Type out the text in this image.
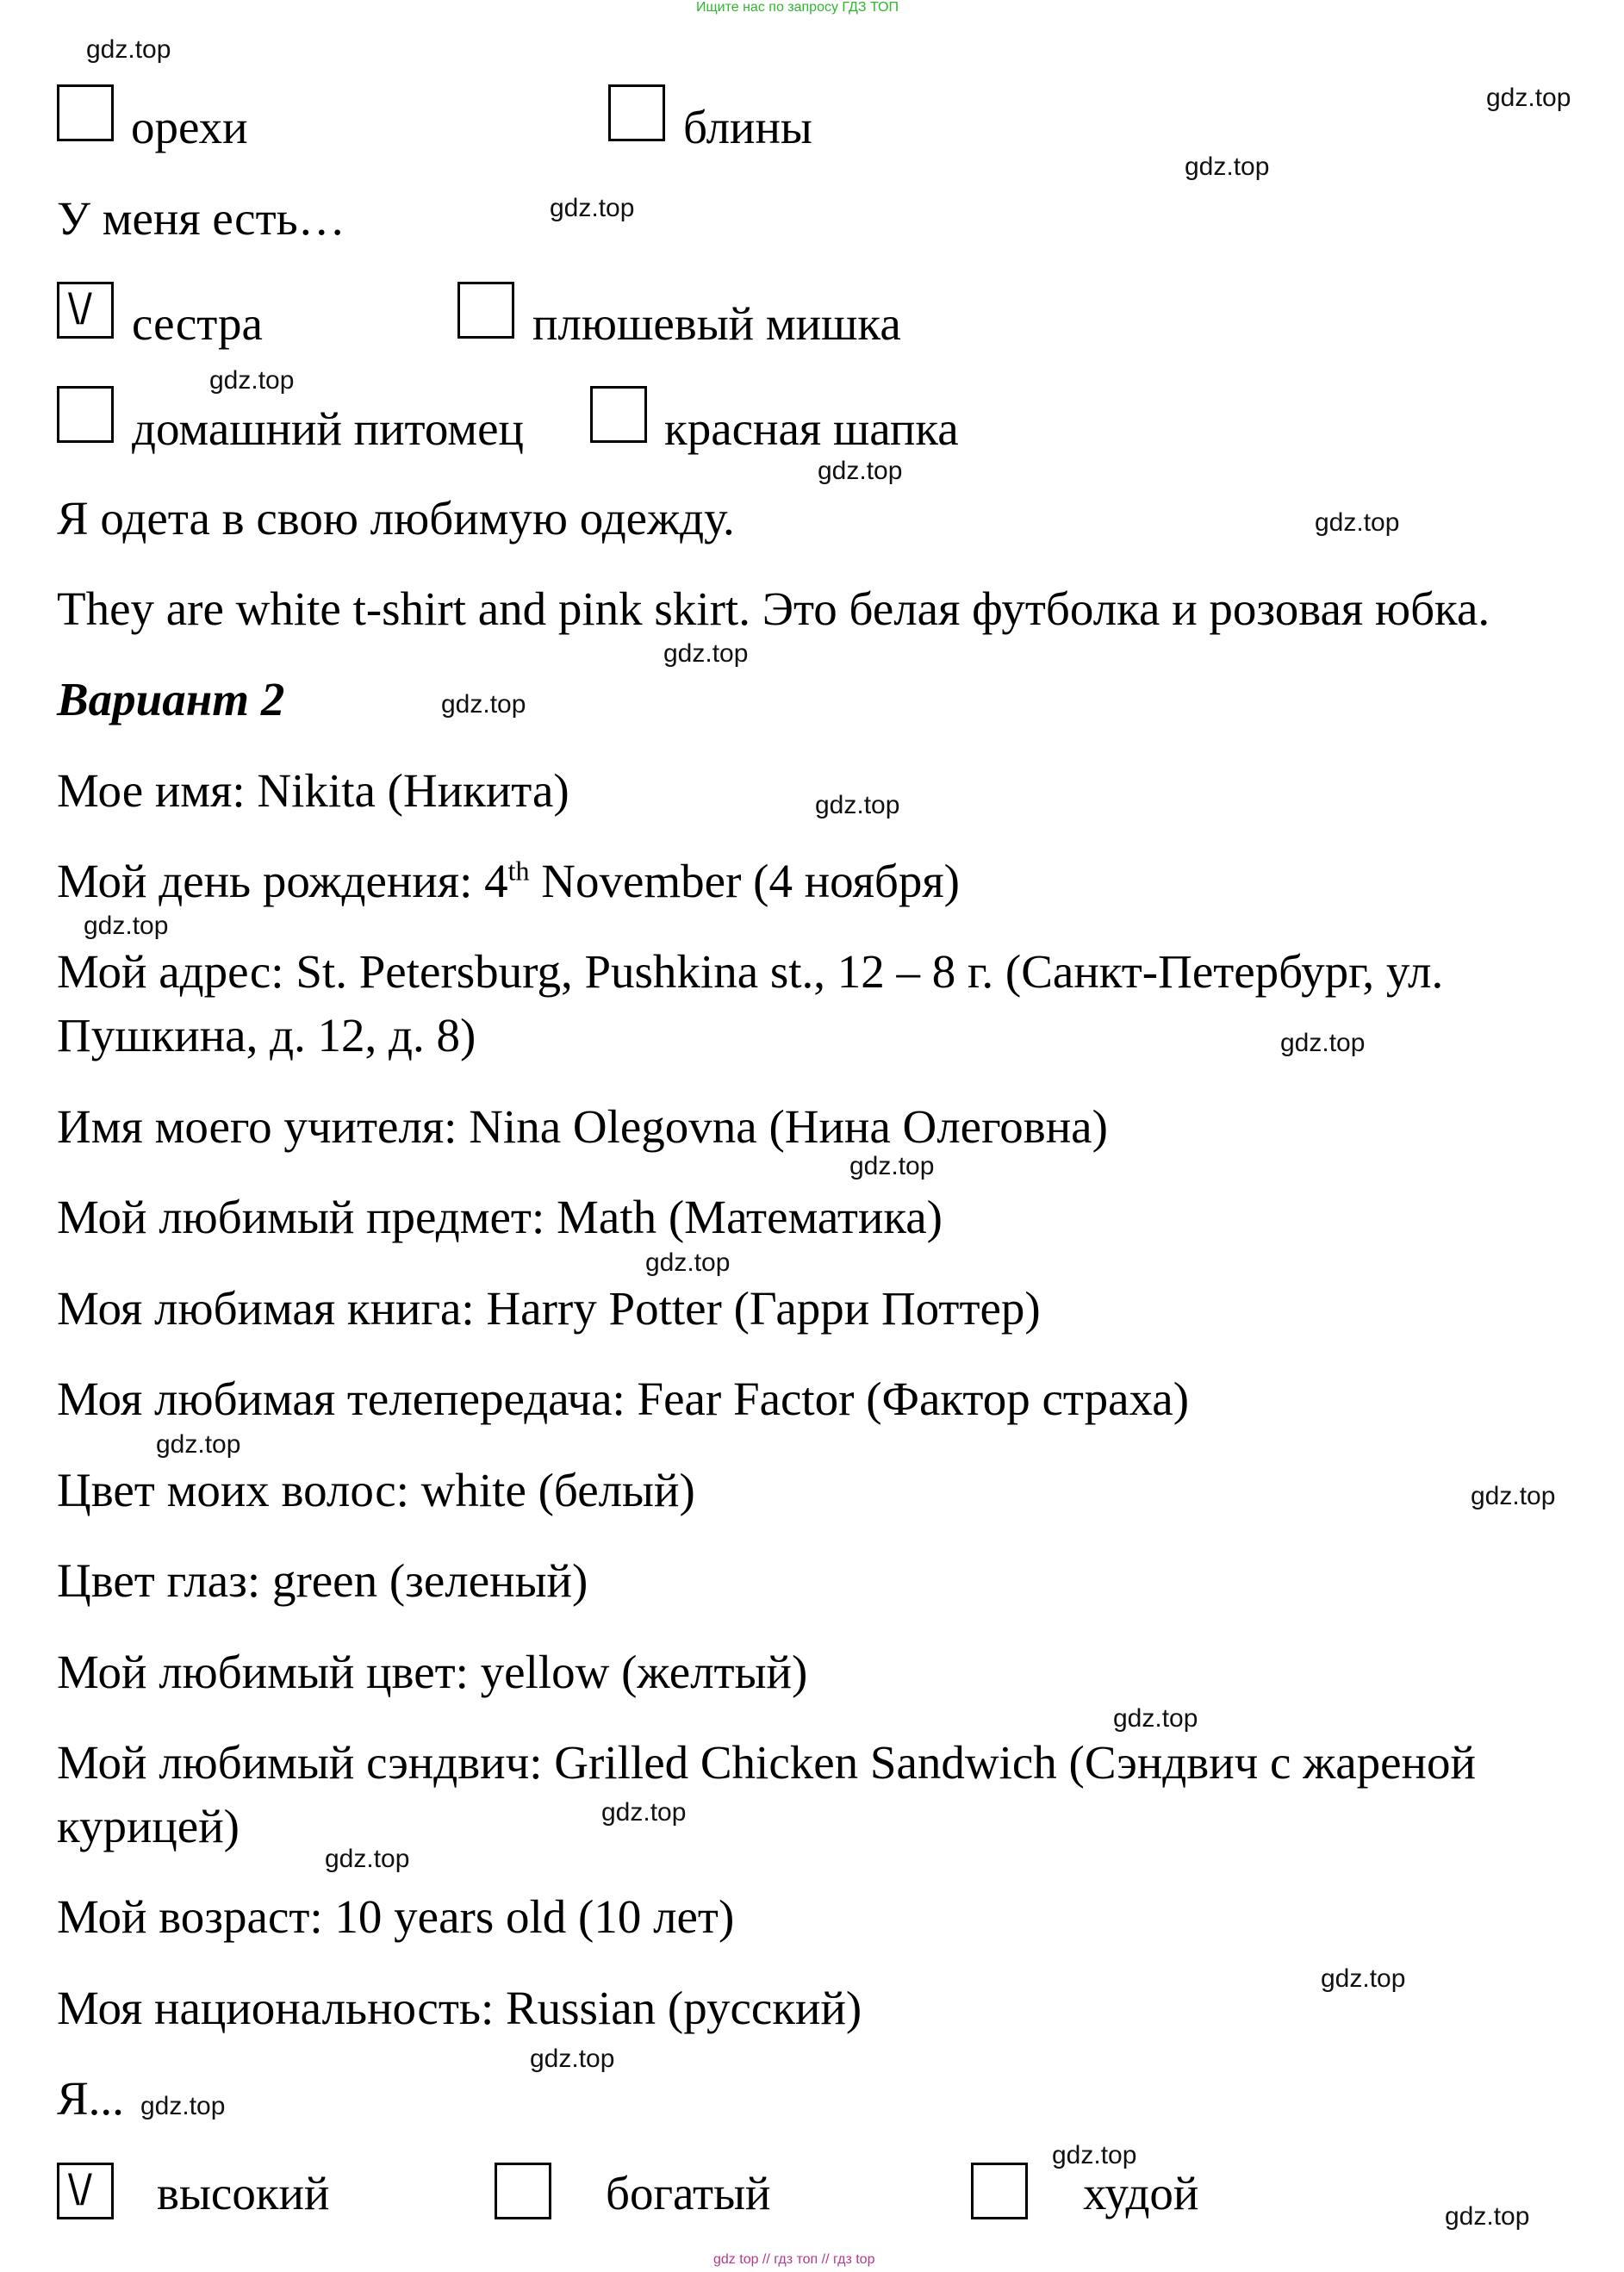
Ищите нас по запросу ГДЗ ТОП
gdz.top
gdz.top
gdz.top
gdz.top
gdz.top
gdz.top
gdz.top
gdz.top
gdz.top
gdz.top
gdz.top
gdz.top
gdz.top
gdz.top
gdz.top
gdz.top
gdz.top
gdz.top
gdz.top
gdz.top
gdz.top
gdz.top
gdz.top
gdz.top
орехи	блины
У меня есть…
\/ сестра	плюшевый мишка
домашний питомец	красная шапка
Я одета в свою любимую одежду.
They are white t-shirt and pink skirt. Это белая футболка и розовая юбка.
Вариант 2
Мое имя: Nikita (Никита)
Мой день рождения: 4th November (4 ноября)
Мой адрес: St. Petersburg, Pushkina st., 12 – 8 г. (Санкт-Петербург, ул.
Пушкина, д. 12, д. 8)
Имя моего учителя: Nina Olegovna (Нина Олеговна)
Мой любимый предмет: Math (Математика)
Моя любимая книга: Harry Potter (Гарри Поттер)
Моя любимая телепередача: Fear Factor (Фактор страха)
Цвет моих волос: white (белый)
Цвет глаз: green (зеленый)
Мой любимый цвет: yellow (желтый)
Мой любимый сэндвич: Grilled Chicken Sandwich (Сэндвич с жареной
курицей)
Мой возраст: 10 years old (10 лет)
Моя национальность: Russian (русский)
Я...
\/ высокий	богатый	худой
gdz top // гдз топ // гдз top
